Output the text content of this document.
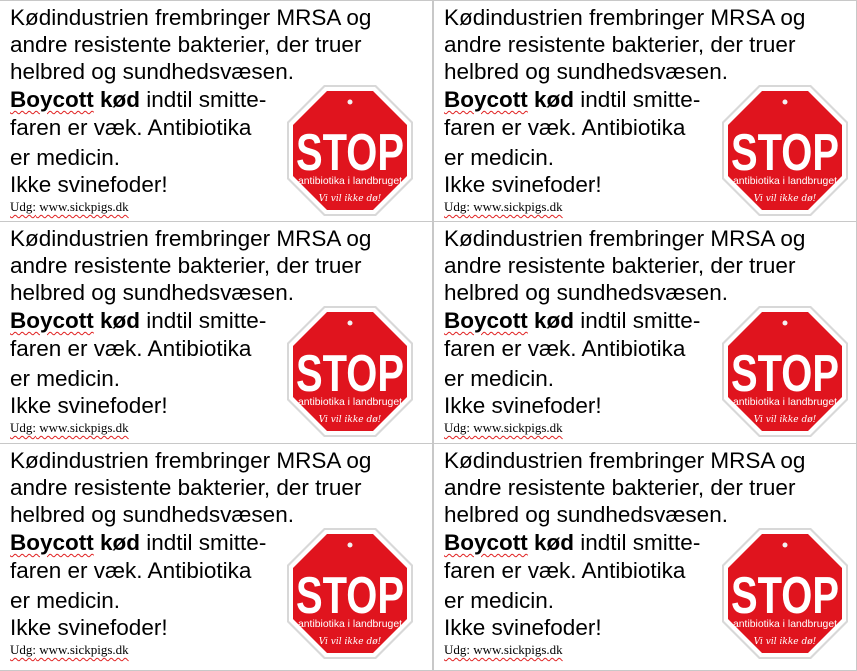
Kødindustrien frembringer MRSA og
andre resistente bakterier, der truer
helbred og sundhedsvæsen.
Boycott kød indtil smitte-
faren er væk. Antibiotika
er medicin.
Ikke svinefoder!
Udg: www.sickpigs.dk
STOP
antibiotika i landbruget
Vi vil ikke dø!
Kødindustrien frembringer MRSA og
andre resistente bakterier, der truer
helbred og sundhedsvæsen.
Boycott kød indtil smitte-
faren er væk. Antibiotika
er medicin.
Ikke svinefoder!
Udg: www.sickpigs.dk
STOP
antibiotika i landbruget
Vi vil ikke dø!
Kødindustrien frembringer MRSA og
andre resistente bakterier, der truer
helbred og sundhedsvæsen.
Boycott kød indtil smitte-
faren er væk. Antibiotika
er medicin.
Ikke svinefoder!
Udg: www.sickpigs.dk
STOP
antibiotika i landbruget
Vi vil ikke dø!
Kødindustrien frembringer MRSA og
andre resistente bakterier, der truer
helbred og sundhedsvæsen.
Boycott kød indtil smitte-
faren er væk. Antibiotika
er medicin.
Ikke svinefoder!
Udg: www.sickpigs.dk
STOP
antibiotika i landbruget
Vi vil ikke dø!
Kødindustrien frembringer MRSA og
andre resistente bakterier, der truer
helbred og sundhedsvæsen.
Boycott kød indtil smitte-
faren er væk. Antibiotika
er medicin.
Ikke svinefoder!
Udg: www.sickpigs.dk
STOP
antibiotika i landbruget
Vi vil ikke dø!
Kødindustrien frembringer MRSA og
andre resistente bakterier, der truer
helbred og sundhedsvæsen.
Boycott kød indtil smitte-
faren er væk. Antibiotika
er medicin.
Ikke svinefoder!
Udg: www.sickpigs.dk
STOP
antibiotika i landbruget
Vi vil ikke dø!
